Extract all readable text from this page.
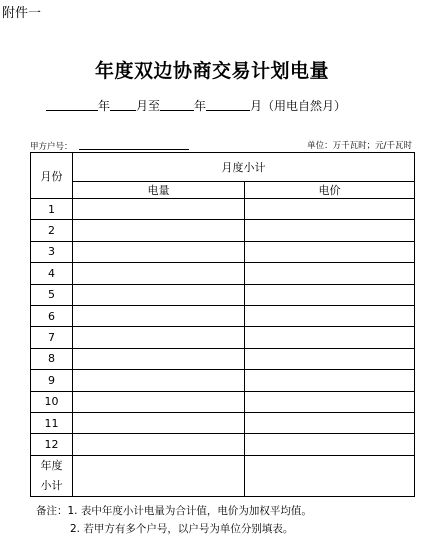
附件一
年度双边协商交易计划电量
年 月至	年	月（用电自然月）
甲方户号：	单位：万千瓦时；元/千瓦时
月份	月度小计	
	电量	电价
1		
2		
3		
4		
5		
6		
7		
8		
9		
10		
11		
12		
年度小计		
备注：1. 表中年度小计电量为合计值，电价为加权平均值。
2. 若甲方有多个户号，以户号为单位分别填表。
